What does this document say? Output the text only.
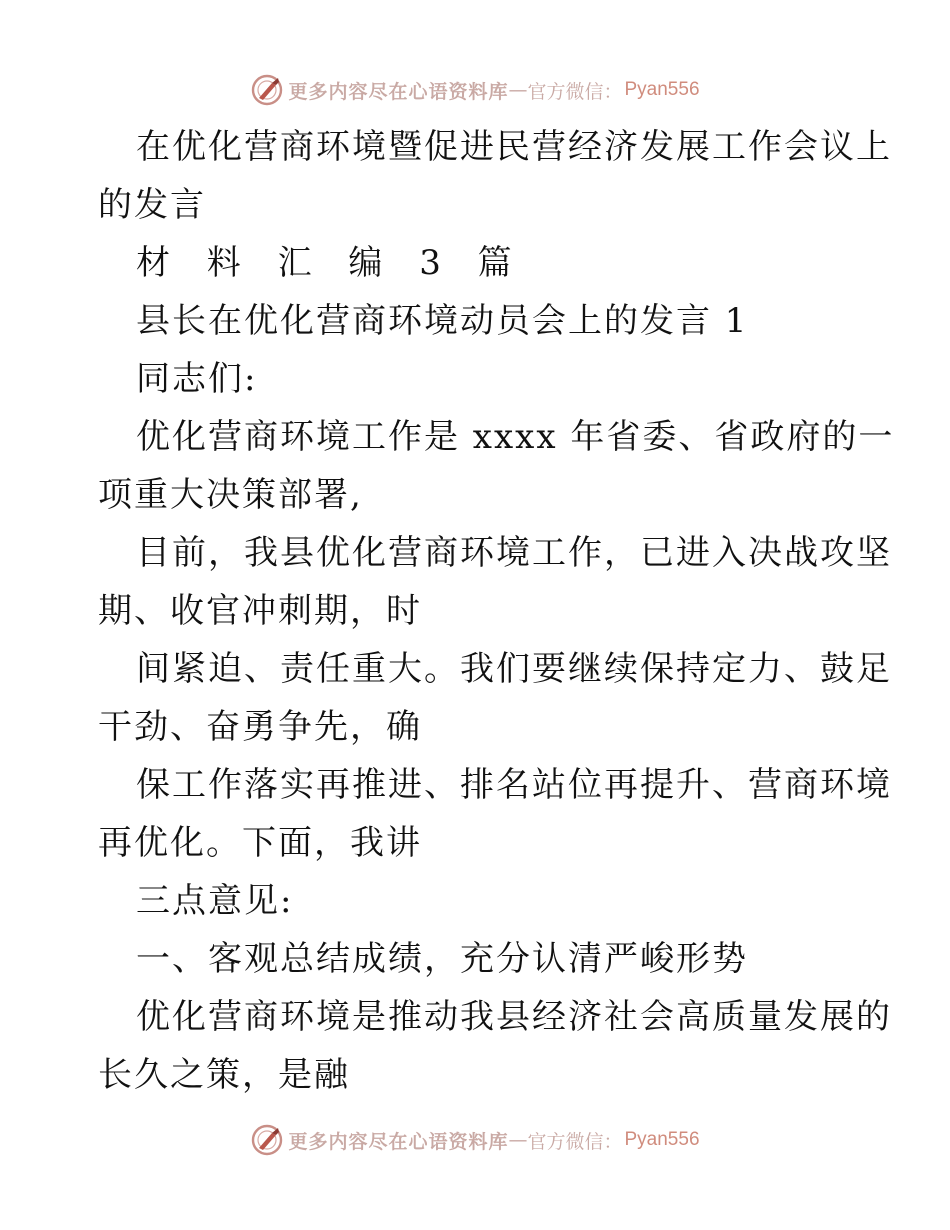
更多内容尽在心语资料库 — 官方微信： Pyan556
在优化营商环境暨促进民营经济发展工作会议上
的发言
材 料 汇 编 3 篇
县长在优化营商环境动员会上的发言 1
同志们:
优化营商环境工作是 xxxx 年省委、省政府的一
项重大决策部署,
目前，我县优化营商环境工作，已进入决战攻坚
期、收官冲刺期，时
间紧迫、责任重大。我们要继续保持定力、鼓足
干劲、奋勇争先，确
保工作落实再推进、排名站位再提升、营商环境
再优化。下面，我讲
三点意见:
一、客观总结成绩，充分认清严峻形势
优化营商环境是推动我县经济社会高质量发展的
长久之策，是融
更多内容尽在心语资料库 — 官方微信： Pyan556
